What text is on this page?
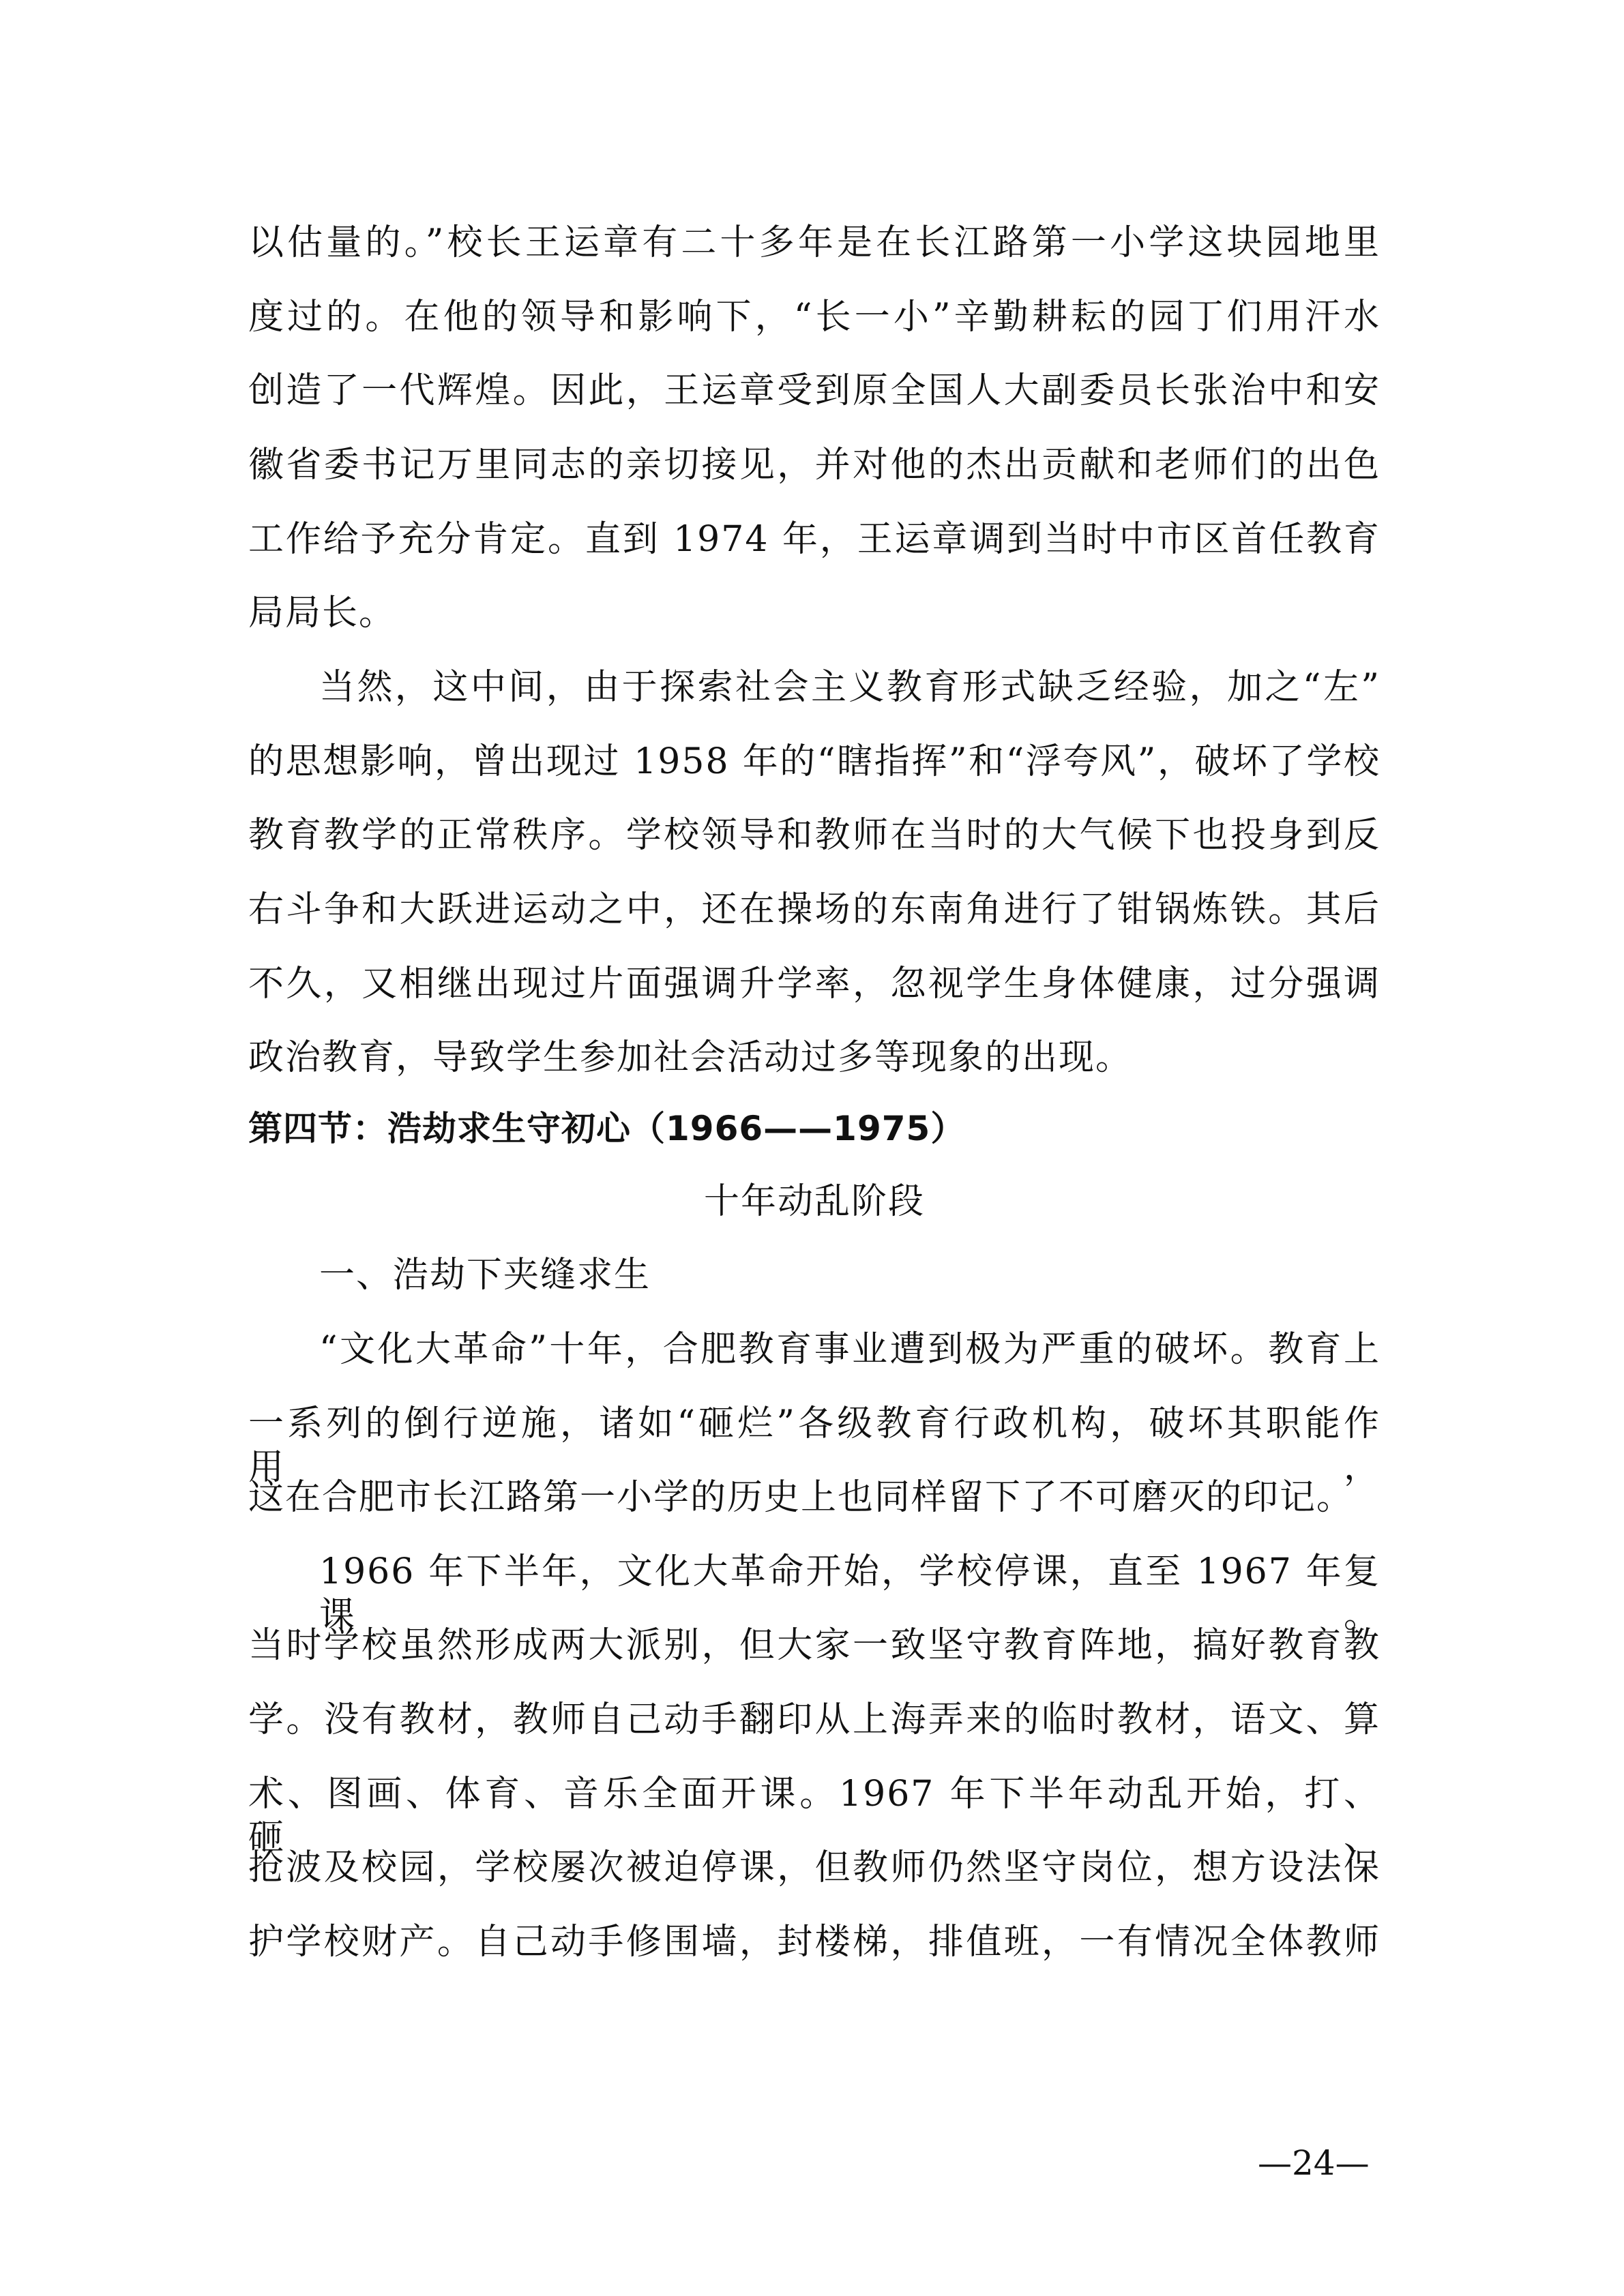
以估量的。”校长王运章有二十多年是在长江路第一小学这块园地里
度过的。在他的领导和影响下，“长一小”辛勤耕耘的园丁们用汗水
创造了一代辉煌。因此，王运章受到原全国人大副委员长张治中和安
徽省委书记万里同志的亲切接见，并对他的杰出贡献和老师们的出色
工作给予充分肯定。直到 1974 年，王运章调到当时中市区首任教育
局局长。
当然，这中间，由于探索社会主义教育形式缺乏经验，加之“左”
的思想影响，曾出现过 1958 年的“瞎指挥”和“浮夸风”，破坏了学校
教育教学的正常秩序。学校领导和教师在当时的大气候下也投身到反
右斗争和大跃进运动之中，还在操场的东南角进行了钳锅炼铁。其后
不久，又相继出现过片面强调升学率，忽视学生身体健康，过分强调
政治教育，导致学生参加社会活动过多等现象的出现。
第四节：浩劫求生守初心（1966——1975）
十年动乱阶段
一、浩劫下夹缝求生
“文化大革命”十年，合肥教育事业遭到极为严重的破坏。教育上
一系列的倒行逆施，诸如“砸烂”各级教育行政机构，破坏其职能作用，
这在合肥市长江路第一小学的历史上也同样留下了不可磨灭的印记。
1966 年下半年，文化大革命开始，学校停课，直至 1967 年复课。
当时学校虽然形成两大派别，但大家一致坚守教育阵地，搞好教育教
学。没有教材，教师自己动手翻印从上海弄来的临时教材，语文、算
术、图画、体育、音乐全面开课。1967 年下半年动乱开始，打、砸、
抢波及校园，学校屡次被迫停课，但教师仍然坚守岗位，想方设法保
护学校财产。自己动手修围墙，封楼梯，排值班，一有情况全体教师
—24—
